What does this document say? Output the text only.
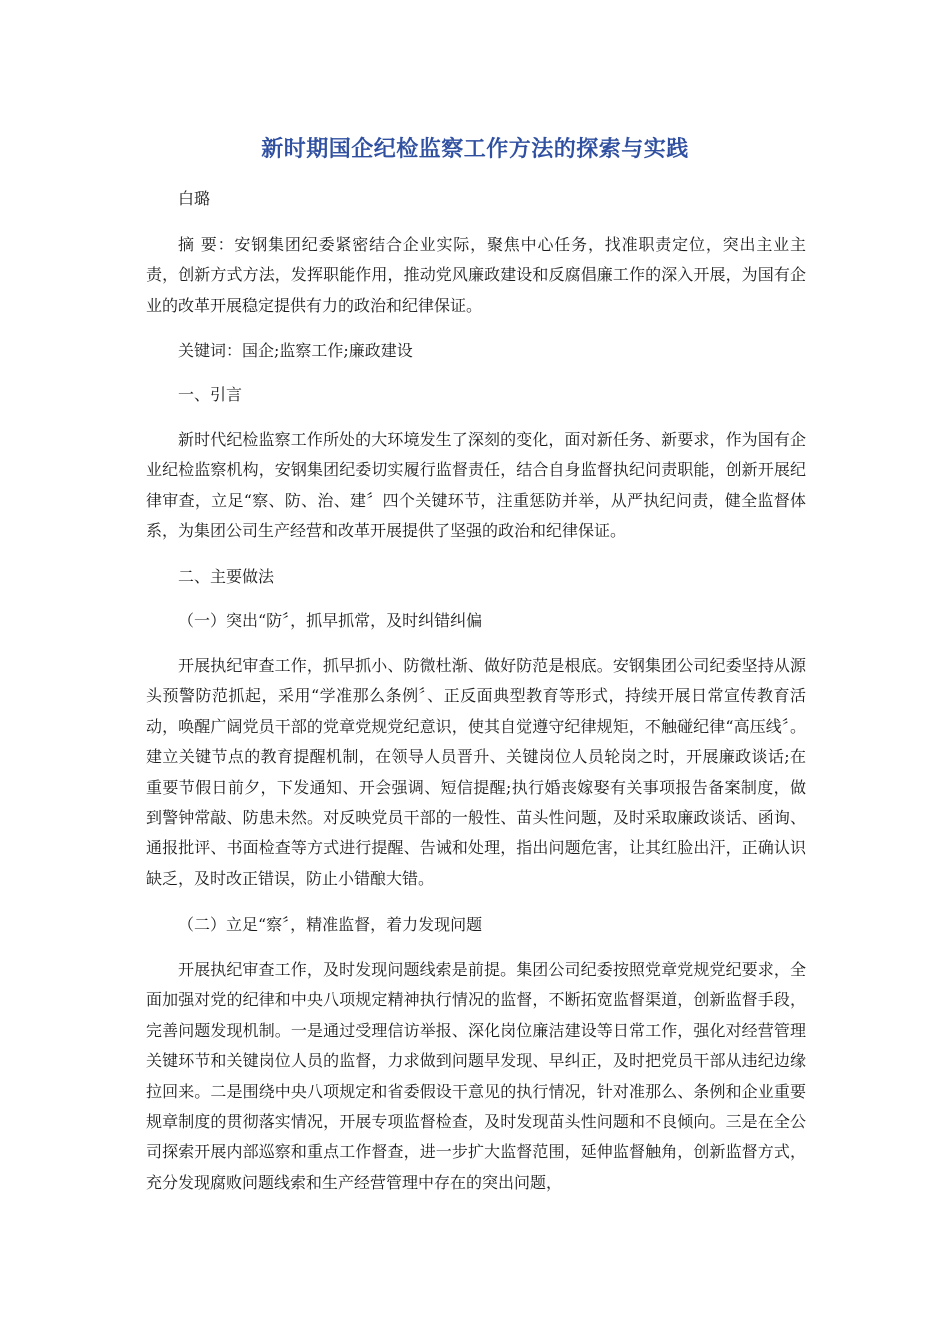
新时期国企纪检监察工作方法的探索与实践
白璐

摘 要：安钢集团纪委紧密结合企业实际，聚焦中心任务，找准职责定位，突出主业主责，创新方式方法，发挥职能作用，推动党风廉政建设和反腐倡廉工作的深入开展，为国有企业的改革开展稳定提供有力的政治和纪律保证。

关键词：国企;监察工作;廉政建设
一、引言

新时代纪检监察工作所处的大环境发生了深刻的变化，面对新任务、新要求，作为国有企业纪检监察机构，安钢集团纪委切实履行监督责任，结合自身监督执纪问责职能，创新开展纪律审查，立足“察、防、治、建〞四个关键环节，注重惩防并举，从严执纪问责，健全监督体系，为集团公司生产经营和改革开展提供了坚强的政治和纪律保证。

二、主要做法
（一）突出“防〞，抓早抓常，及时纠错纠偏

开展执纪审查工作，抓早抓小、防微杜渐、做好防范是根底。安钢集团公司纪委坚持从源头预警防范抓起，采用“学准那么条例〞、正反面典型教育等形式，持续开展日常宣传教育活动，唤醒广阔党员干部的党章党规党纪意识，使其自觉遵守纪律规矩，不触碰纪律“高压线〞。建立关键节点的教育提醒机制，在领导人员晋升、关键岗位人员轮岗之时，开展廉政谈话;在重要节假日前夕，下发通知、开会强调、短信提醒;执行婚丧嫁娶有关事项报告备案制度，做到警钟常敲、防患未然。对反映党员干部的一般性、苗头性问题，及时采取廉政谈话、函询、通报批评、书面检查等方式进行提醒、告诫和处理，指出问题危害，让其红脸出汗，正确认识缺乏，及时改正错误，防止小错酿大错。

（二）立足“察〞，精准监督，着力发现问题

开展执纪审查工作，及时发现问题线索是前提。集团公司纪委按照党章党规党纪要求，全面加强对党的纪律和中央八项规定精神执行情况的监督，不断拓宽监督渠道，创新监督手段，完善问题发现机制。一是通过受理信访举报、深化岗位廉洁建设等日常工作，强化对经营管理关键环节和关键岗位人员的监督，力求做到问题早发现、早纠正，及时把党员干部从违纪边缘拉回来。二是围绕中央八项规定和省委假设干意见的执行情况，针对准那么、条例和企业重要规章制度的贯彻落实情况，开展专项监督检查，及时发现苗头性问题和不良倾向。三是在全公司探索开展内部巡察和重点工作督查，进一步扩大监督范围，延伸监督触角，创新监督方式，充分发现腐败问题线索和生产经营管理中存在的突出问题，
